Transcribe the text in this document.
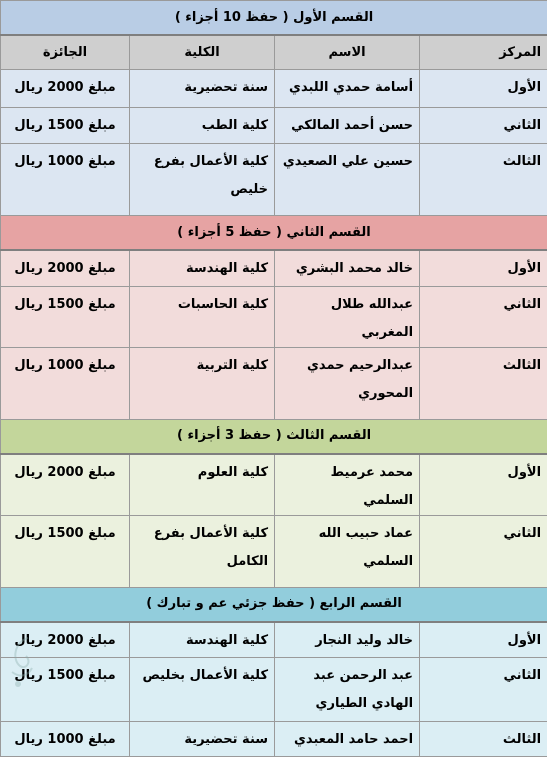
القسم الأول ( حفظ 10 أجزاء )			
المركز	الاسم	الكلية	الجائزة
الأول	أسامة حمدي اللبدي	سنة تحضيرية	مبلغ 2000 ريال
الثاني	حسن أحمد المالكي	كلية الطب	مبلغ 1500 ريال
الثالث	حسين علي الصعيدي	كلية الأعمال بفرع خليص	مبلغ 1000 ريال
القسم الثاني ( حفظ 5 أجزاء )			
الأول	خالد محمد البشري	كلية الهندسة	مبلغ 2000 ريال
الثاني	عبدالله طلال المغربي	كلية الحاسبات	مبلغ 1500 ريال
الثالث	عبدالرحيم حمدي المحوري	كلية التربية	مبلغ 1000 ريال
القسم الثالث ( حفظ 3 أجزاء )			
الأول	محمد عرميط السلمي	كلية العلوم	مبلغ 2000 ريال
الثاني	عماد حبيب الله السلمي	كلية الأعمال بفرع الكامل	مبلغ 1500 ريال
القسم الرابع ( حفظ جزئي عم و تبارك )			
الأول	خالد وليد النجار	كلية الهندسة	مبلغ 2000 ريال
الثاني	عبد الرحمن عبد الهادي الطياري	كلية الأعمال بخليص	مبلغ 1500 ريال
الثالث	احمد حامد المعبدي	سنة تحضيرية	مبلغ 1000 ريال
